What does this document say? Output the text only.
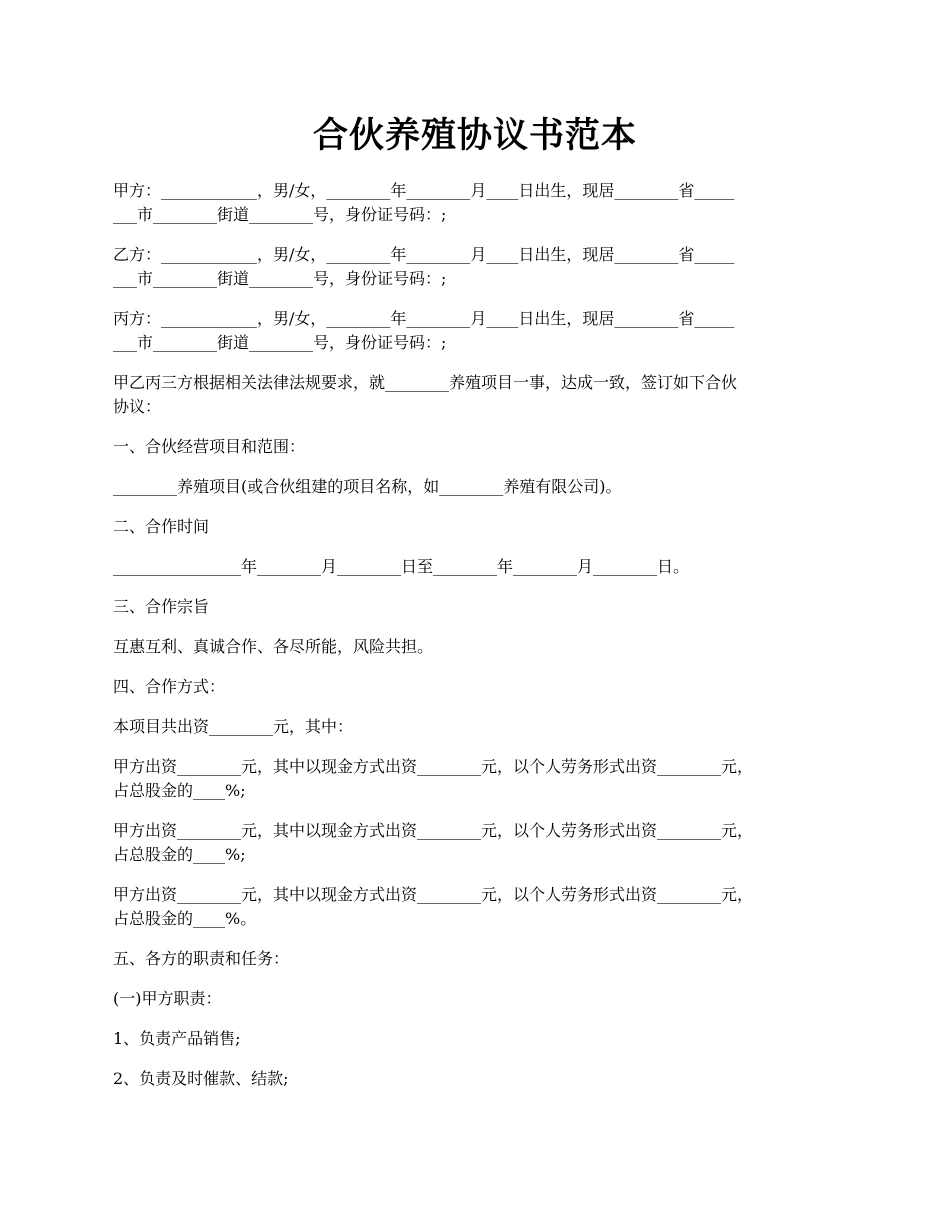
合伙养殖协议书范本

甲方：____________，男/女，________年________月____日出生，现居________省_____

___市________街道________号，身份证号码：;

乙方：____________，男/女，________年________月____日出生，现居________省_____

___市________街道________号，身份证号码：;

丙方：____________，男/女，________年________月____日出生，现居________省_____

___市________街道________号，身份证号码：;

甲乙丙三方根据相关法律法规要求，就________养殖项目一事，达成一致，签订如下合伙

协议：

一、合伙经营项目和范围：

________养殖项目(或合伙组建的项目名称，如________养殖有限公司)。

二、合作时间

________________年________月________日至________年________月________日。

三、合作宗旨

互惠互利、真诚合作、各尽所能，风险共担。

四、合作方式：

本项目共出资________元，其中：

甲方出资________元，其中以现金方式出资________元，以个人劳务形式出资________元，

占总股金的____%;

甲方出资________元，其中以现金方式出资________元，以个人劳务形式出资________元，

占总股金的____%;

甲方出资________元，其中以现金方式出资________元，以个人劳务形式出资________元，

占总股金的____%。

五、各方的职责和任务：

(一)甲方职责：

1、负责产品销售;

2、负责及时催款、结款;
